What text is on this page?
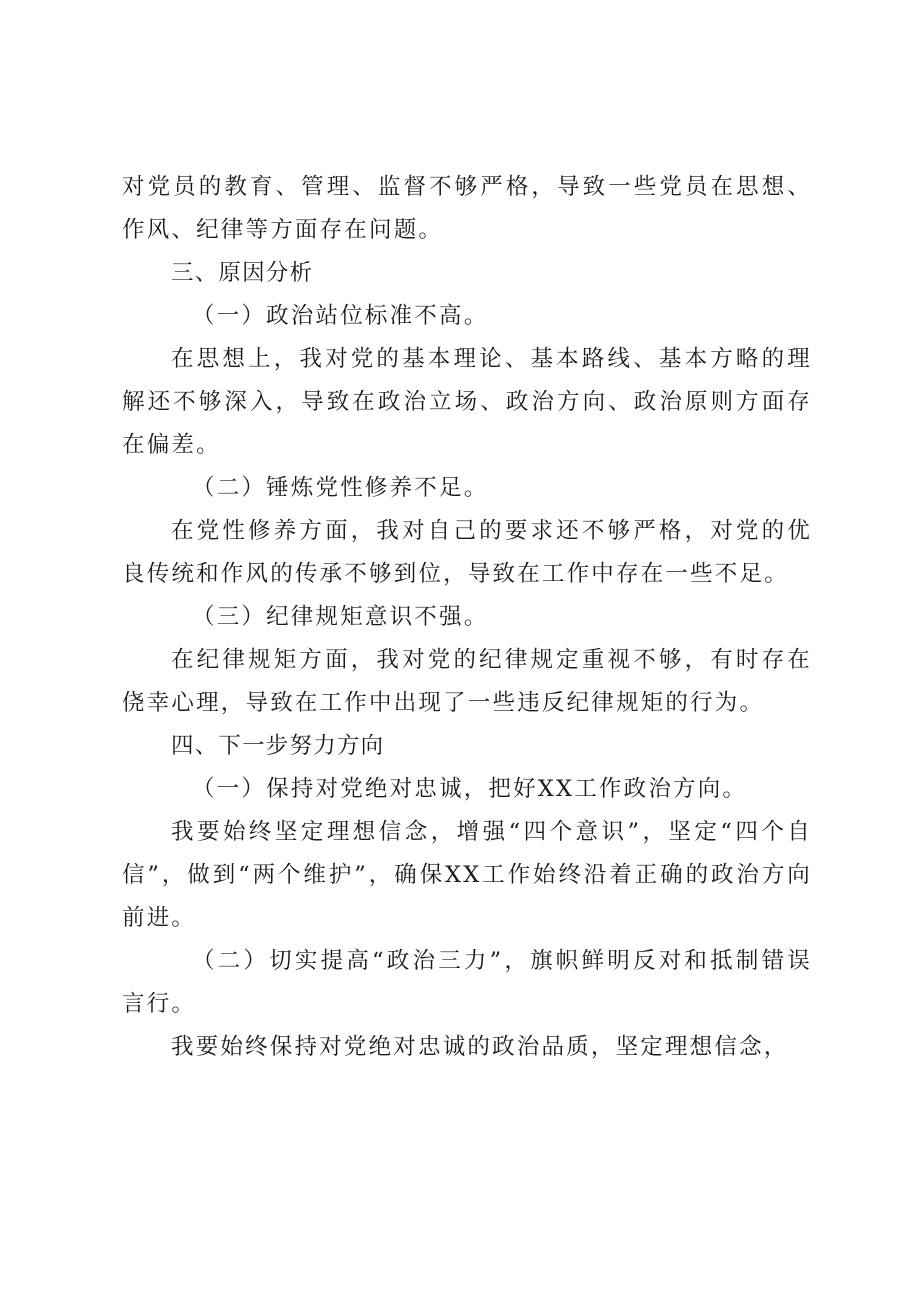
对党员的教育、管理、监督不够严格，导致一些党员在思想、作风、纪律等方面存在问题。

三、原因分析

（一）政治站位标准不高。

在思想上，我对党的基本理论、基本路线、基本方略的理解还不够深入，导致在政治立场、政治方向、政治原则方面存在偏差。

（二）锤炼党性修养不足。

在党性修养方面，我对自己的要求还不够严格，对党的优良传统和作风的传承不够到位，导致在工作中存在一些不足。

（三）纪律规矩意识不强。

在纪律规矩方面，我对党的纪律规定重视不够，有时存在侥幸心理，导致在工作中出现了一些违反纪律规矩的行为。

四、下一步努力方向

（一）保持对党绝对忠诚，把好XX工作政治方向。

我要始终坚定理想信念，增强“四个意识”，坚定“四个自信”，做到“两个维护”，确保XX工作始终沿着正确的政治方向前进。

（二）切实提高“政治三力”，旗帜鲜明反对和抵制错误言行。

我要始终保持对党绝对忠诚的政治品质，坚定理想信念，
